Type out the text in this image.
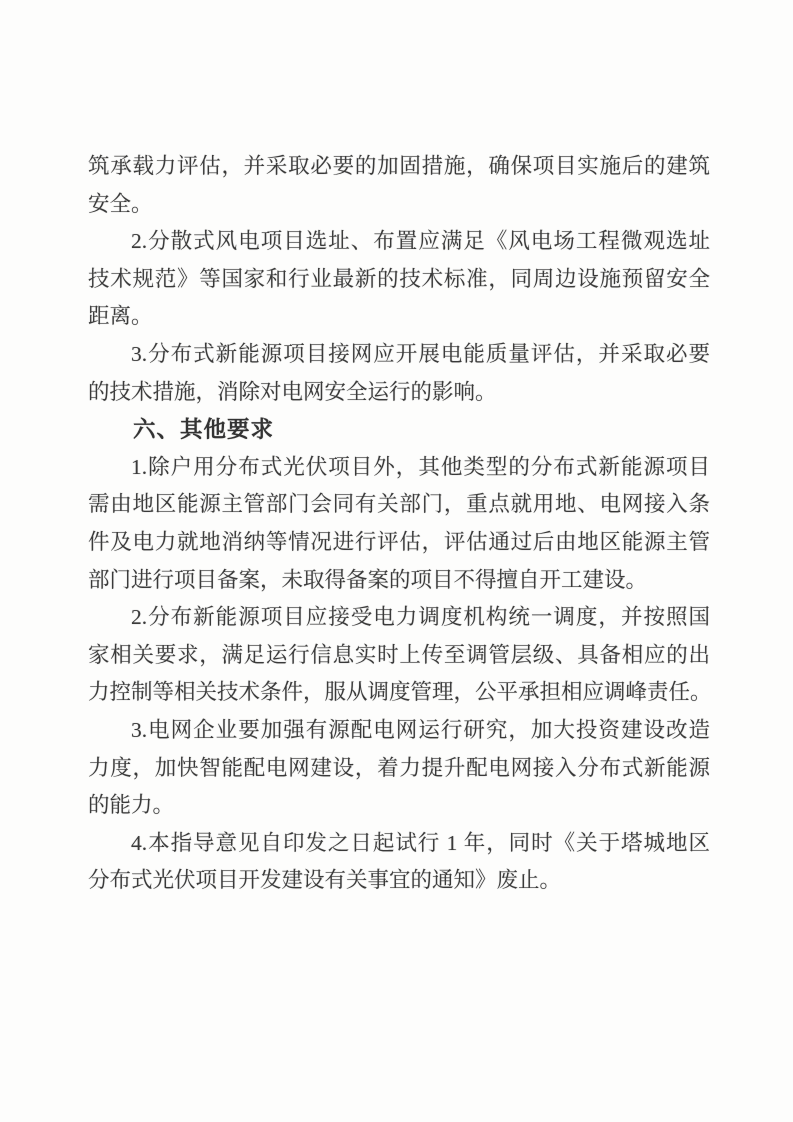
筑承载力评估，并采取必要的加固措施，确保项目实施后的建筑
安全。
2.分散式风电项目选址、布置应满足《风电场工程微观选址
技术规范》等国家和行业最新的技术标准，同周边设施预留安全
距离。
3.分布式新能源项目接网应开展电能质量评估，并采取必要
的技术措施，消除对电网安全运行的影响。
六、其他要求
1.除户用分布式光伏项目外，其他类型的分布式新能源项目
需由地区能源主管部门会同有关部门，重点就用地、电网接入条
件及电力就地消纳等情况进行评估，评估通过后由地区能源主管
部门进行项目备案，未取得备案的项目不得擅自开工建设。
2.分布新能源项目应接受电力调度机构统一调度，并按照国
家相关要求，满足运行信息实时上传至调管层级、具备相应的出
力控制等相关技术条件，服从调度管理，公平承担相应调峰责任。
3.电网企业要加强有源配电网运行研究，加大投资建设改造
力度，加快智能配电网建设，着力提升配电网接入分布式新能源
的能力。
4.本指导意见自印发之日起试行 1 年，同时《关于塔城地区
分布式光伏项目开发建设有关事宜的通知》废止。
